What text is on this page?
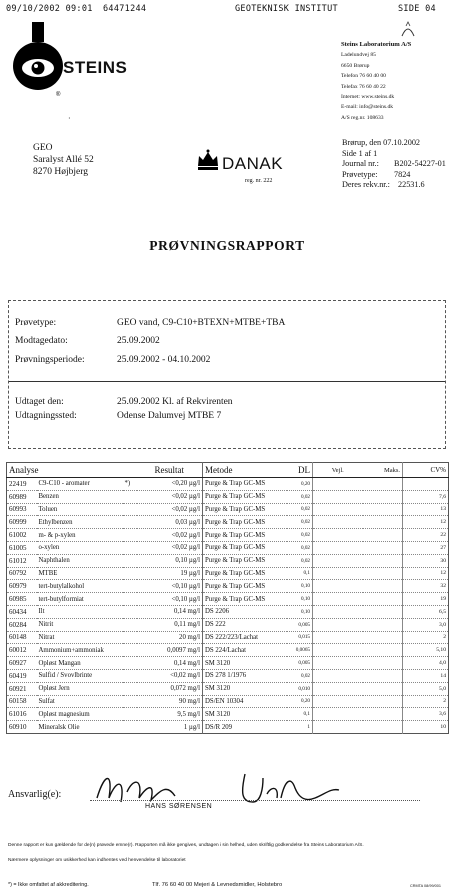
09/10/2002 09:01 64471244	GEOTEKNISK INSTITUT	SIDE 04
®
STEINS
Steins Laboratorium A/S
Ladelundvej 85
6650 Brørup
Telefon 76 60 40 00
Telefax 76 60 40 22
Internet: www.steins.dk
E-mail: info@steins.dk
A/S reg.nr. 108633
·
GEO
Saralyst Allé 52
8270 Højbjerg	DANAK
reg. nr. 222
Brørup, den 07.10.2002
Side 1 af 1
Journal nr.:	B202-54227-01
Prøvetype:	7824
Deres rekv.nr.: 22531.6
PRØVNINGSRAPPORT
Prøvetype:	GEO vand, C9-C10+BTEXN+MTBE+TBA
Modtagedato:	25.09.2002
Prøvningsperiode:	25.09.2002 - 04.10.2002
Udtaget den:	25.09.2002 Kl. af Rekvirenten
Udtagningssted:	Odense Dalumvej MTBE 7
Analyse			Resultat	Metode	DL	Vejl.	Maks.	CV%
22419	C9-C10 - aromater	*)	<0,20 µg/l	Purge & Trap GC-MS	0,20			
60989	Benzen		<0,02 µg/l	Purge & Trap GC-MS	0,02			7,6
60993	Toluen		<0,02 µg/l	Purge & Trap GC-MS	0,02			13
60999	Ethylbenzen		0,03 µg/l	Purge & Trap GC-MS	0,02			12
61002	m- & p-xylen		<0,02 µg/l	Purge & Trap GC-MS	0,02			22
61005	o-xylen		<0,02 µg/l	Purge & Trap GC-MS	0,02			27
61012	Naphthalen		0,10 µg/l	Purge & Trap GC-MS	0,02			30
60792	MTBE		19 µg/l	Purge & Trap GC-MS	0,1			12
60979	tert-butylalkohol		<0,10 µg/l	Purge & Trap GC-MS	0,10			32
60985	tert-butylformiat		<0,10 µg/l	Purge & Trap GC-MS	0,10			19
60434	Ilt		0,14 mg/l	DS 2206	0,10			6,5
60284	Nitrit		0,11 mg/l	DS 222	0,005			3,0
60148	Nitrat		20 mg/l	DS 222/223/Lachat	0,015			2
60012	Ammonium+ammoniak		0,0097 mg/l	DS 224/Lachat	0,0065			5,10
60927	Opløst Mangan		0,14 mg/l	SM 3120	0,005			4,0
60419	Sulfid / Svovlbrinte		<0,02 mg/l	DS 278 1/1976	0,02			14
60921	Opløst Jern		0,072 mg/l	SM 3120	0,010			5,0
60158	Sulfat		90 mg/l	DS/EN 10304	0,20			2
61016	Opløst magnesium		9,5 mg/l	SM 3120	0,1			3,6
60910	Mineralsk Olie		1 µg/l	DS/R 209	1			10
Ansvarlig(e):
HANS SØRENSEN
Denne rapport er kun gældende for de(n) prøvede emne(r). Rapporten må ikke gengives, undtagen i sin helhed, uden skriftlig godkendelse fra Steins Laboratorium A/S.
Nærmere oplysninger om usikkerhed kan indhentes ved henvendelse til laboratoriet
*) = Ikke omfattet af akkreditering.	Tlf. 76 60 40 00 Mejeri & Levnedsmidler, Holstebro	CRMTA 08/99/001
